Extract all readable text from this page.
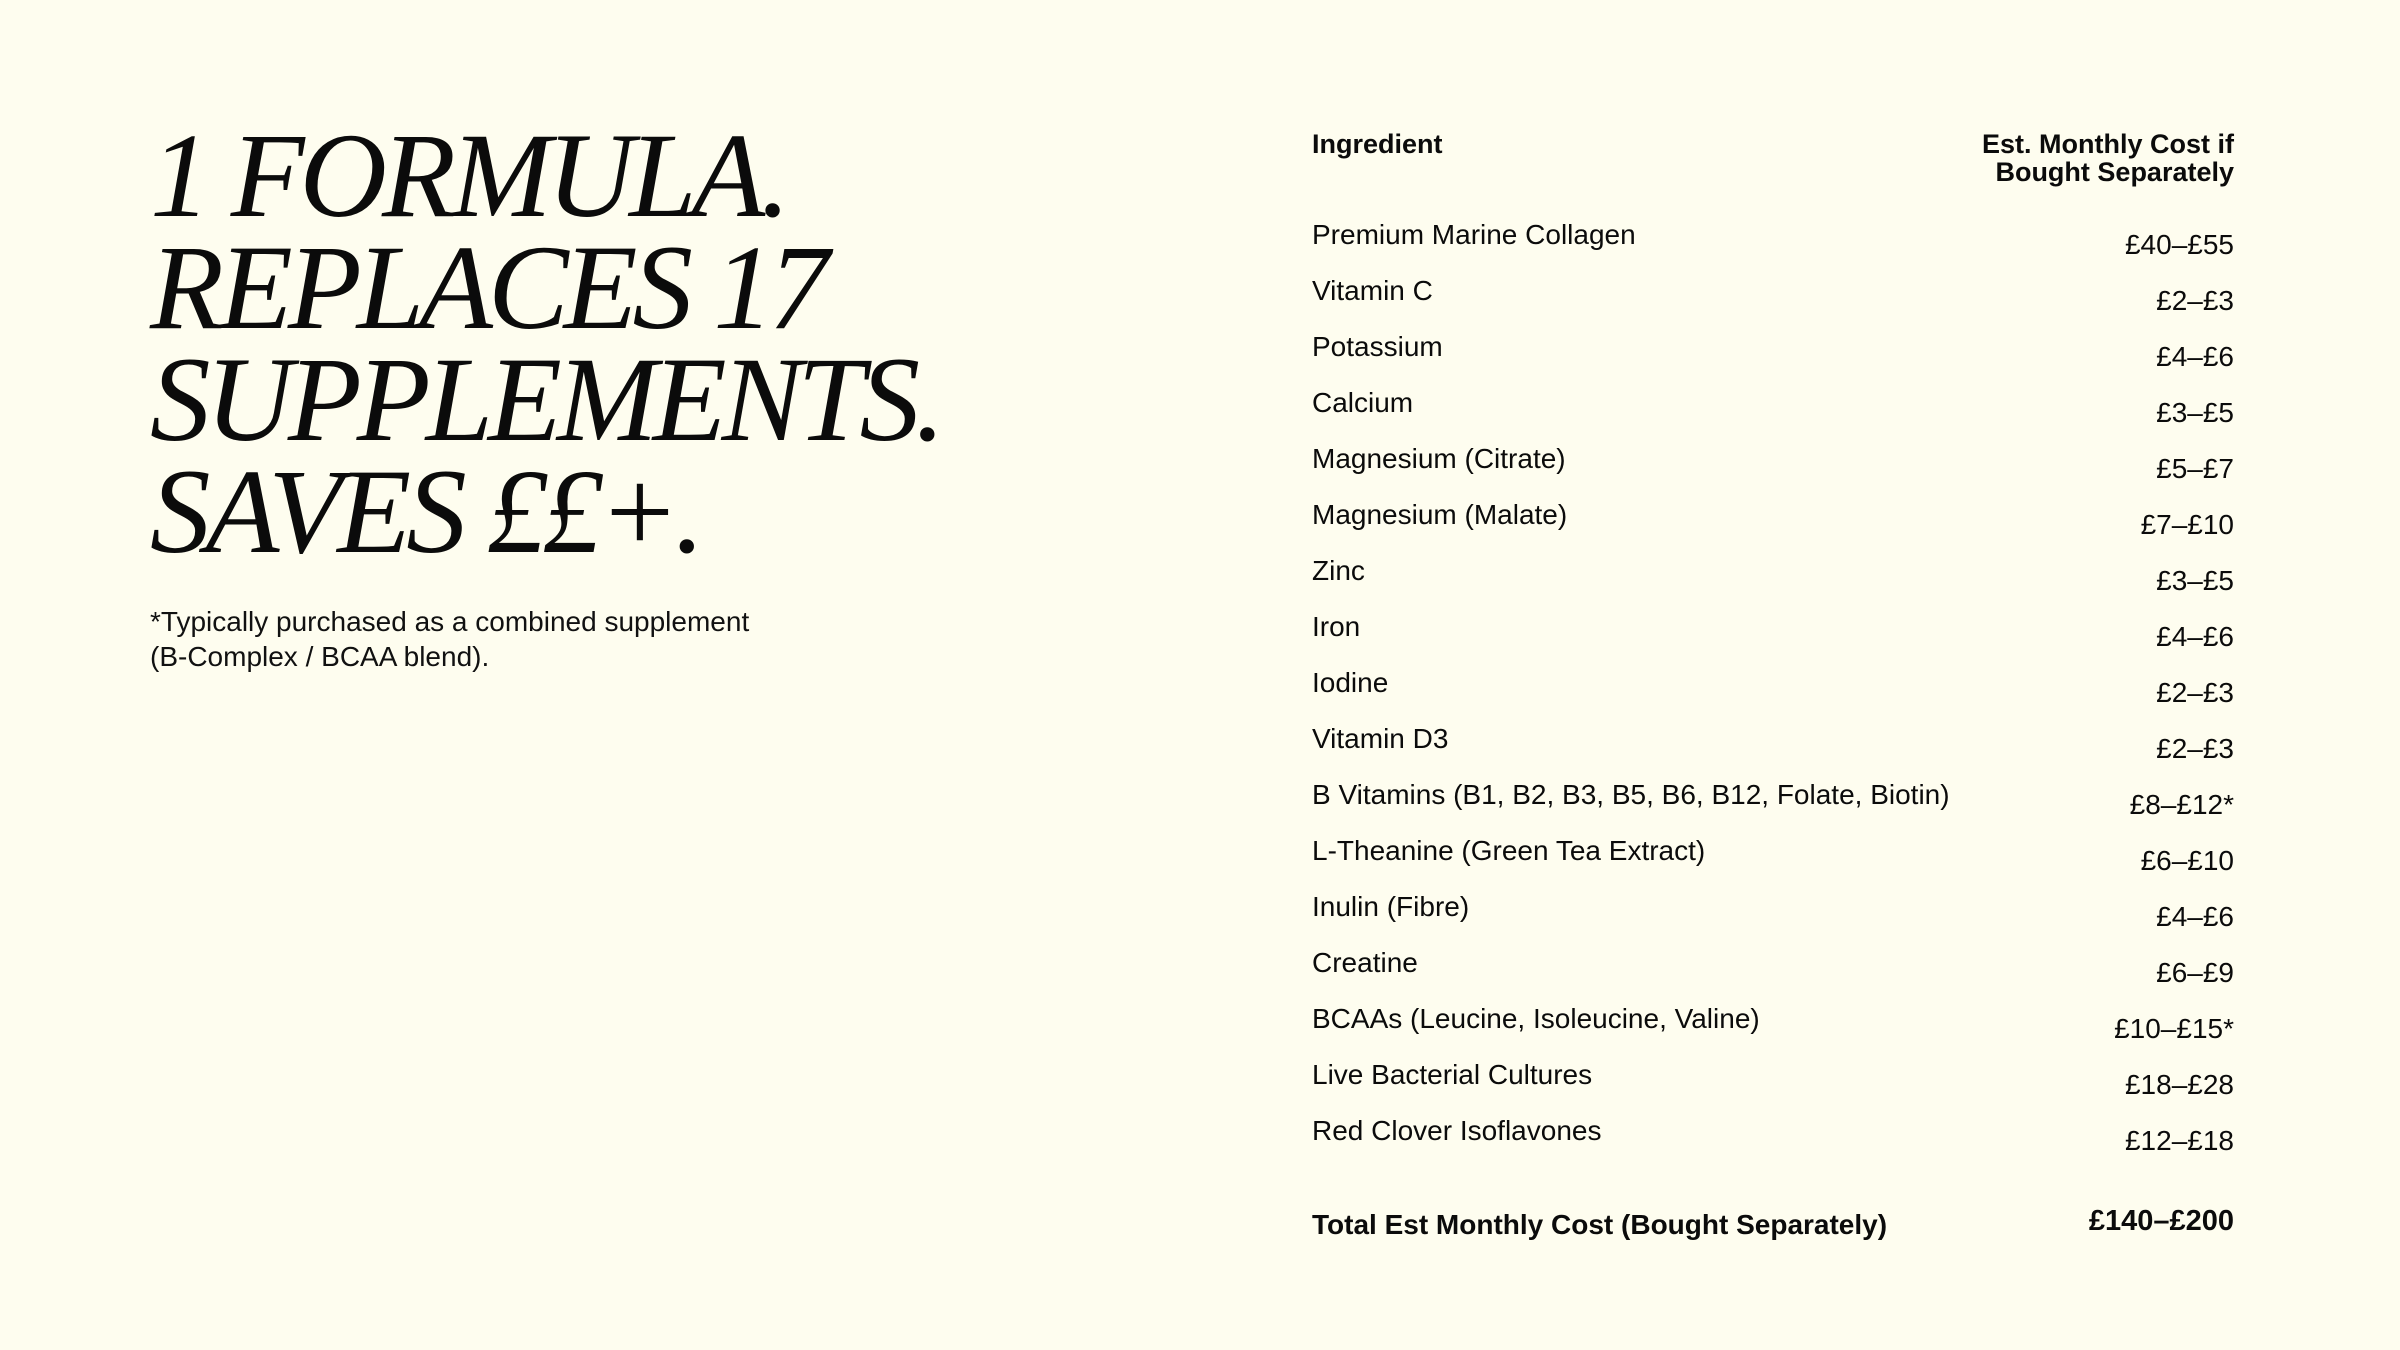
1 FORMULA.
REPLACES 17
SUPPLEMENTS.
SAVES ££+.
*Typically purchased as a combined supplement
(B-Complex / BCAA blend).
Ingredient	Est. Monthly Cost if
Bought Separately
Premium Marine Collagen	£40–£55
Vitamin C	£2–£3
Potassium	£4–£6
Calcium	£3–£5
Magnesium (Citrate)	£5–£7
Magnesium (Malate)	£7–£10
Zinc	£3–£5
Iron	£4–£6
Iodine	£2–£3
Vitamin D3	£2–£3
B Vitamins (B1, B2, B3, B5, B6, B12, Folate, Biotin)	£8–£12*
L-Theanine (Green Tea Extract)	£6–£10
Inulin (Fibre)	£4–£6
Creatine	£6–£9
BCAAs (Leucine, Isoleucine, Valine)	£10–£15*
Live Bacterial Cultures	£18–£28
Red Clover Isoflavones	£12–£18
Total Est Monthly Cost (Bought Separately)	£140–£200
